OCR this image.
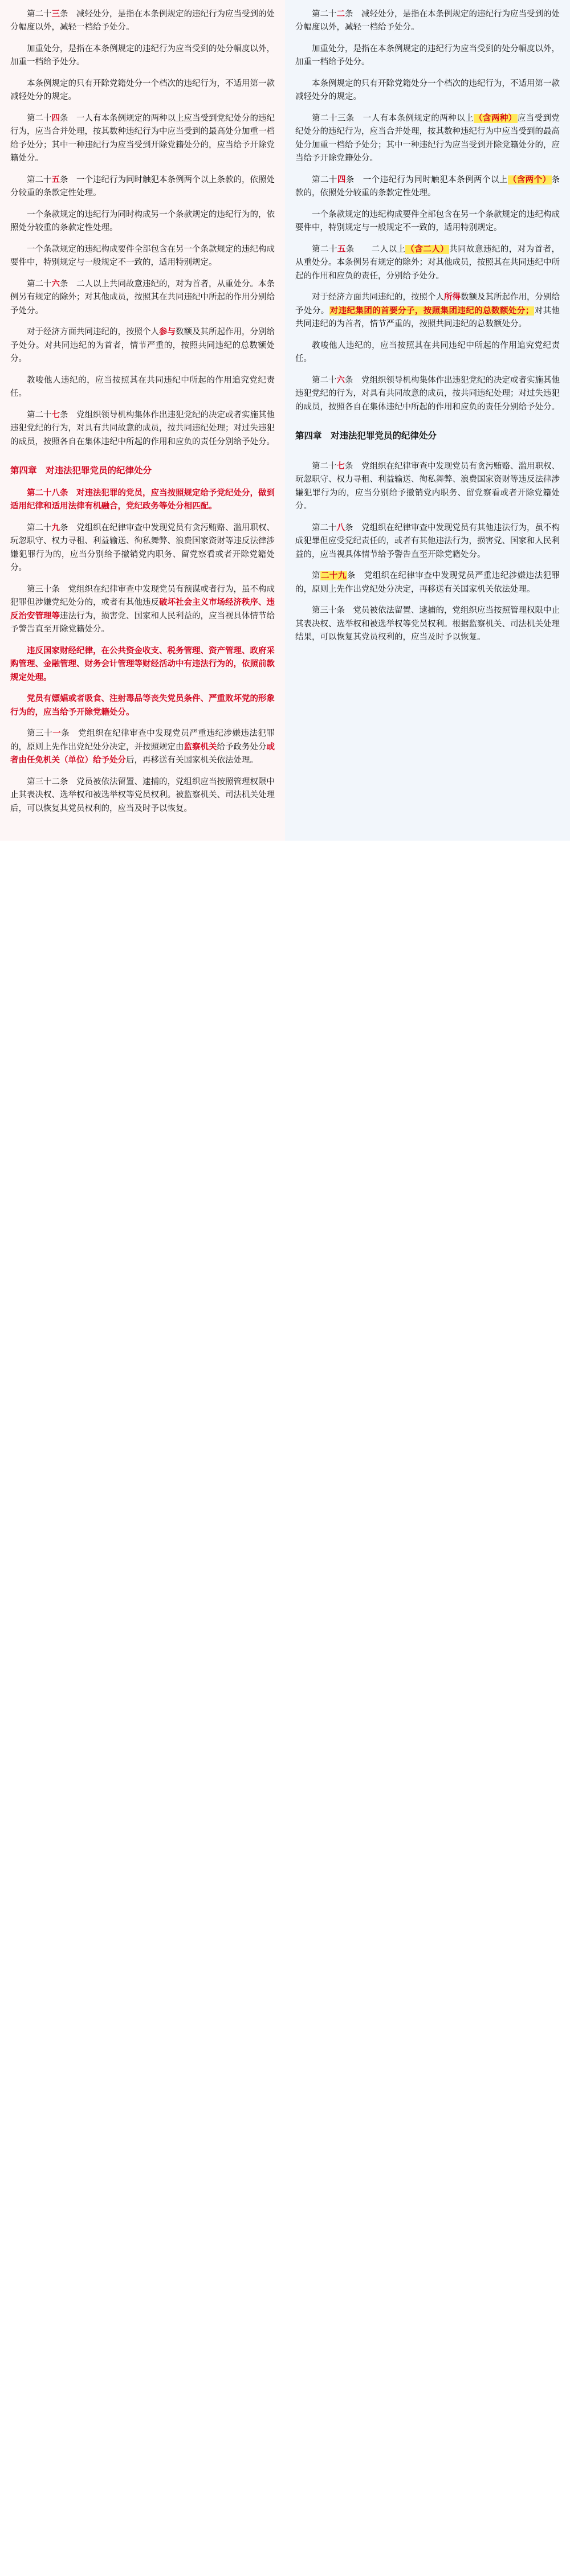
第二十三条　减轻处分，是指在本条例规定的违纪行为应当受到的处分幅度以外，减轻一档给予处分。

加重处分，是指在本条例规定的违纪行为应当受到的处分幅度以外，加重一档给予处分。

本条例规定的只有开除党籍处分一个档次的违纪行为，不适用第一款减轻处分的规定。

第二十四条　一人有本条例规定的两种以上应当受到党纪处分的违纪行为，应当合并处理，按其数种违纪行为中应当受到的最高处分加重一档给予处分；其中一种违纪行为应当受到开除党籍处分的，应当给予开除党籍处分。

第二十五条　一个违纪行为同时触犯本条例两个以上条款的，依照处分较重的条款定性处理。

一个条款规定的违纪行为同时构成另一个条款规定的违纪行为的，依照处分较重的条款定性处理。

一个条款规定的违纪构成要件全部包含在另一个条款规定的违纪构成要件中，特别规定与一般规定不一致的，适用特别规定。

第二十六条　二人以上共同故意违纪的，对为首者，从重处分。本条例另有规定的除外；对其他成员，按照其在共同违纪中所起的作用分别给予处分。

对于经济方面共同违纪的，按照个人参与数额及其所起作用，分别给予处分。对共同违纪的为首者，情节严重的，按照共同违纪的总数额处分。

教唆他人违纪的，应当按照其在共同违纪中所起的作用追究党纪责任。

第二十七条　党组织领导机构集体作出违犯党纪的决定或者实施其他违犯党纪的行为，对具有共同故意的成员，按共同违纪处理；对过失违犯的成员，按照各自在集体违纪中所起的作用和应负的责任分别给予处分。

第四章　对违法犯罪党员的纪律处分

第二十八条　对违法犯罪的党员，应当按照规定给予党纪处分，做到适用纪律和适用法律有机融合，党纪政务等处分相匹配。

第二十九条　党组织在纪律审查中发现党员有贪污贿赂、滥用职权、玩忽职守、权力寻租、利益输送、徇私舞弊、浪费国家资财等违反法律涉嫌犯罪行为的，应当分别给予撤销党内职务、留党察看或者开除党籍处分。

第三十条　党组织在纪律审查中发现党员有预谋或者行为，虽不构成犯罪但涉嫌党纪处分的，或者有其他违反破坏社会主义市场经济秩序、违反治安管理等违法行为，损害党、国家和人民利益的，应当视具体情节给予警告直至开除党籍处分。

违反国家财经纪律，在公共资金收支、税务管理、资产管理、政府采购管理、金融管理、财务会计管理等财经活动中有违法行为的，依照前款规定处理。

党员有嫖娼或者吸食、注射毒品等丧失党员条件、严重败坏党的形象行为的，应当给予开除党籍处分。

第三十一条　党组织在纪律审查中发现党员严重违纪涉嫌违法犯罪的，原则上先作出党纪处分决定，并按照规定由监察机关给予政务处分或者由任免机关（单位）给予处分后，再移送有关国家机关依法处理。

第三十二条　党员被依法留置、逮捕的，党组织应当按照管理权限中止其表决权、选举权和被选举权等党员权利。被监察机关、司法机关处理后，可以恢复其党员权利的，应当及时予以恢复。

第二十二条　减轻处分，是指在本条例规定的违纪行为应当受到的处分幅度以外，减轻一档给予处分。

加重处分，是指在本条例规定的违纪行为应当受到的处分幅度以外，加重一档给予处分。

本条例规定的只有开除党籍处分一个档次的违纪行为，不适用第一款减轻处分的规定。

第二十三条　一人有本条例规定的两种以上（含两种）应当受到党纪处分的违纪行为，应当合并处理，按其数种违纪行为中应当受到的最高处分加重一档给予处分；其中一种违纪行为应当受到开除党籍处分的，应当给予开除党籍处分。

第二十四条　一个违纪行为同时触犯本条例两个以上（含两个）条款的，依照处分较重的条款定性处理。

一个条款规定的违纪构成要件全部包含在另一个条款规定的违纪构成要件中，特别规定与一般规定不一致的，适用特别规定。

第二十五条　　二人以上（含二人）共同故意违纪的，对为首者，从重处分。本条例另有规定的除外；对其他成员，按照其在共同违纪中所起的作用和应负的责任，分别给予处分。

对于经济方面共同违纪的，按照个人所得数额及其所起作用，分别给予处分。对违纪集团的首要分子，按照集团违纪的总数额处分；对其他共同违纪的为首者，情节严重的，按照共同违纪的总数额处分。

教唆他人违纪的，应当按照其在共同违纪中所起的作用追究党纪责任。

第二十六条　党组织领导机构集体作出违犯党纪的决定或者实施其他违犯党纪的行为，对具有共同故意的成员，按共同违纪处理；对过失违犯的成员，按照各自在集体违纪中所起的作用和应负的责任分别给予处分。

第四章　对违法犯罪党员的纪律处分

第二十七条　党组织在纪律审查中发现党员有贪污贿赂、滥用职权、玩忽职守、权力寻租、利益输送、徇私舞弊、浪费国家资财等违反法律涉嫌犯罪行为的，应当分别给予撤销党内职务、留党察看或者开除党籍处分。

第二十八条　党组织在纪律审查中发现党员有其他违法行为，虽不构成犯罪但应受党纪责任的，或者有其他违法行为，损害党、国家和人民利益的，应当视具体情节给予警告直至开除党籍处分。

第二十九条　党组织在纪律审查中发现党员严重违纪涉嫌违法犯罪的，原则上先作出党纪处分决定，再移送有关国家机关依法处理。

第三十条　党员被依法留置、逮捕的，党组织应当按照管理权限中止其表决权、选举权和被选举权等党员权利。根据监察机关、司法机关处理结果，可以恢复其党员权利的，应当及时予以恢复。
